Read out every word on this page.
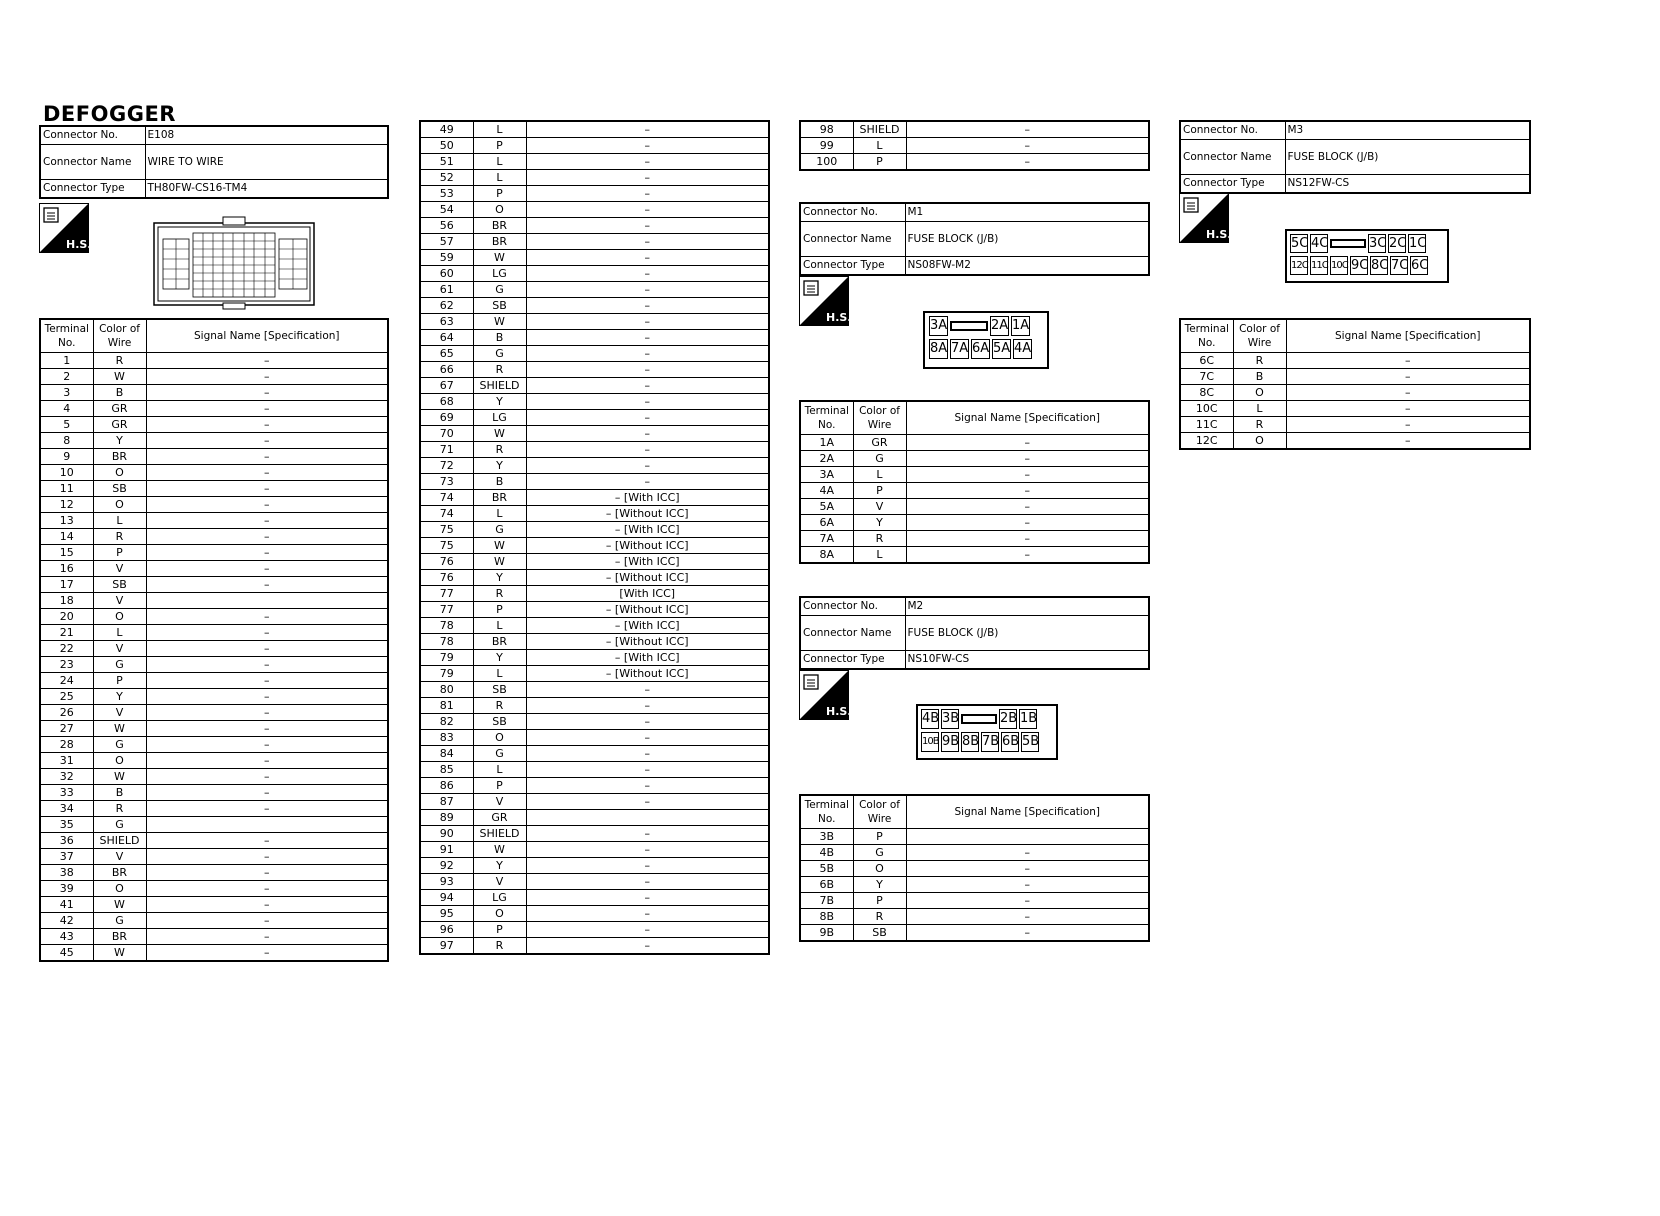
DEFOGGER
Connector No.	E108
Connector Name	WIRE TO WIRE
Connector Type	TH80FW-CS16-TM4
H.S.
Terminal No.	Color of Wire	Signal Name [Specification]
1	R	–
2	W	–
3	B	–
4	GR	–
5	GR	–
8	Y	–
9	BR	–
10	O	–
11	SB	–
12	O	–
13	L	–
14	R	–
15	P	–
16	V	–
17	SB	–
18	V	
20	O	–
21	L	–
22	V	–
23	G	–
24	P	–
25	Y	–
26	V	–
27	W	–
28	G	–
31	O	–
32	W	–
33	B	–
34	R	–
35	G	
36	SHIELD	–
37	V	–
38	BR	–
39	O	–
41	W	–
42	G	–
43	BR	–
45	W	–
49	L	–
50	P	–
51	L	–
52	L	–
53	P	–
54	O	–
56	BR	–
57	BR	–
59	W	–
60	LG	–
61	G	–
62	SB	–
63	W	–
64	B	–
65	G	–
66	R	–
67	SHIELD	–
68	Y	–
69	LG	–
70	W	–
71	R	–
72	Y	–
73	B	–
74	BR	– [With ICC]
74	L	– [Without ICC]
75	G	– [With ICC]
75	W	– [Without ICC]
76	W	– [With ICC]
76	Y	– [Without ICC]
77	R	[With ICC]
77	P	– [Without ICC]
78	L	– [With ICC]
78	BR	– [Without ICC]
79	Y	– [With ICC]
79	L	– [Without ICC]
80	SB	–
81	R	–
82	SB	–
83	O	–
84	G	–
85	L	–
86	P	–
87	V	–
89	GR	
90	SHIELD	–
91	W	–
92	Y	–
93	V	–
94	LG	–
95	O	–
96	P	–
97	R	–
98	SHIELD	–
99	L	–
100	P	–
Connector No.	M1
Connector Name	FUSE BLOCK (J/B)
Connector Type	NS08FW-M2
H.S.
3A	2A 1A
8A 7A 6A 5A 4A
Terminal No.	Color of Wire	Signal Name [Specification]
1A	GR	–
2A	G	–
3A	L	–
4A	P	–
5A	V	–
6A	Y	–
7A	R	–
8A	L	–
Connector No.	M2
Connector Name	FUSE BLOCK (J/B)
Connector Type	NS10FW-CS
H.S.	4B 3B	2B 1B
10B 9B 8B 7B 6B 5B
Terminal No.	Color of Wire	Signal Name [Specification]
3B	P	
4B	G	–
5B	O	–
6B	Y	–
7B	P	–
8B	R	–
9B	SB	–
Connector No.	M3
Connector Name	FUSE BLOCK (J/B)
Connector Type	NS12FW-CS
H.S.
5C 4C	3C 2C 1C
12C 11C 10C 9C 8C 7C 6C
Terminal No.	Color of Wire	Signal Name [Specification]
6C	R	–
7C	B	–
8C	O	–
10C	L	–
11C	R	–
12C	O	–
